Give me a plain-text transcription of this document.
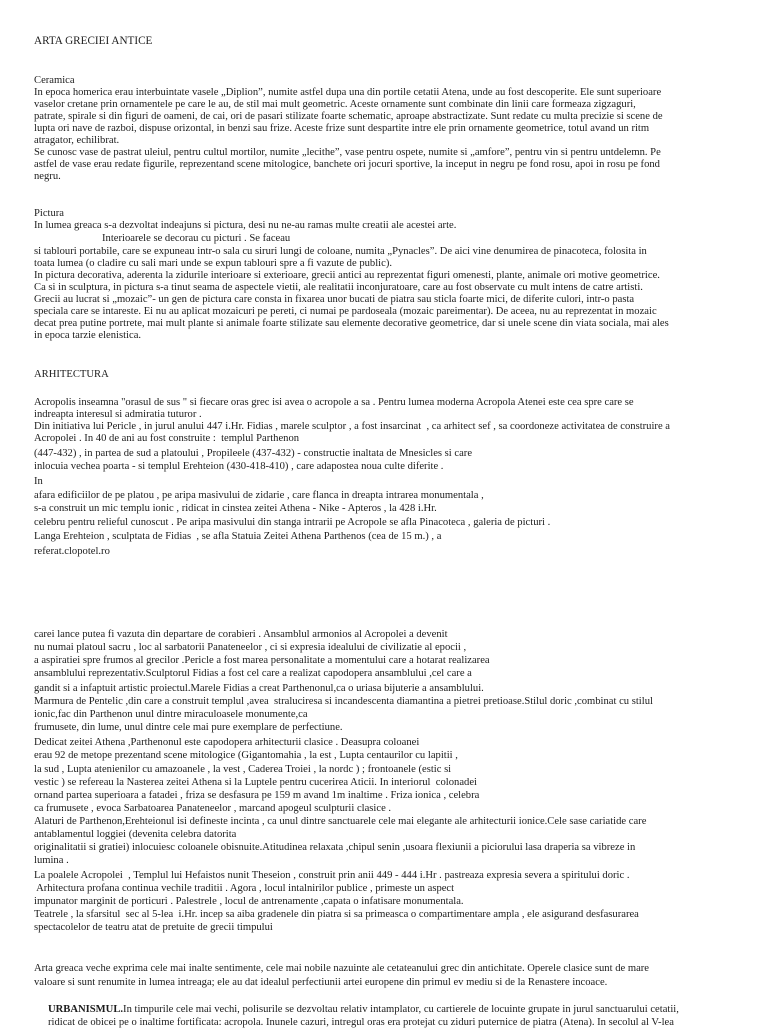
ARTA GRECIEI ANTICE
Ceramica
In epoca homerica erau interbuintate vasele „Diplion”, numite astfel dupa una din portile cetatii Atena, unde au fost descoperite. Ele sunt superioare
vaselor cretane prin ornamentele pe care le au, de stil mai mult geometric. Aceste ornamente sunt combinate din linii care formeaza zigzaguri,
patrate, spirale si din figuri de oameni, de cai, ori de pasari stilizate foarte schematic, aproape abstractizate. Sunt redate cu multa precizie si scene de
lupta ori nave de razboi, dispuse orizontal, in benzi sau frize. Aceste frize sunt despartite intre ele prin ornamente geometrice, totul avand un ritm
atragator, echilibrat.
Se cunosc vase de pastrat uleiul, pentru cultul mortilor, numite „lecithe”, vase pentru ospete, numite si „amfore”, pentru vin si pentru untdelemn. Pe
astfel de vase erau redate figurile, reprezentand scene mitologice, banchete ori jocuri sportive, la inceput in negru pe fond rosu, apoi in rosu pe fond
negru.
Pictura
In lumea greaca s-a dezvoltat indeajuns si pictura, desi nu ne-au ramas multe creatii ale acestei arte.
Interioarele se decorau cu picturi . Se faceau
si tablouri portabile, care se expuneau intr-o sala cu siruri lungi de coloane, numita „Pynacles”. De aici vine denumirea de pinacoteca, folosita in
toata lumea (o cladire cu sali mari unde se expun tablouri spre a fi vazute de public).
In pictura decorativa, aderenta la zidurile interioare si exterioare, grecii antici au reprezentat figuri omenesti, plante, animale ori motive geometrice.
Ca si in sculptura, in pictura s-a tinut seama de aspectele vietii, ale realitatii inconjuratoare, care au fost observate cu mult intens de catre artisti.
Grecii au lucrat si „mozaic”- un gen de pictura care consta in fixarea unor bucati de piatra sau sticla foarte mici, de diferite culori, intr-o pasta
speciala care se intareste. Ei nu au aplicat mozaicuri pe pereti, ci numai pe pardoseala (mozaic pareimentar). De aceea, nu au reprezentat in mozaic
decat prea putine portrete, mai mult plante si animale foarte stilizate sau elemente decorative geometrice, dar si unele scene din viata sociala, mai ales
in epoca tarzie elenistica.
ARHITECTURA
Acropolis inseamna "orasul de sus " si fiecare oras grec isi avea o acropole a sa . Pentru lumea moderna Acropola Atenei este cea spre care se
indreapta interesul si admiratia tuturor .
Din initiativa lui Pericle , in jurul anului 447 i.Hr. Fidias , marele sculptor , a fost insarcinat  , ca arhitect sef , sa coordoneze activitatea de construire a
Acropolei . In 40 de ani au fost construite :  templul Parthenon
(447-432) , in partea de sud a platoului , Propileele (437-432) - constructie inaltata de Mnesicles si care
inlocuia vechea poarta - si templul Erehteion (430-418-410) , care adapostea noua culte diferite .
In
afara edificiilor de pe platou , pe aripa masivului de zidarie , care flanca in dreapta intrarea monumentala ,
s-a construit un mic templu ionic , ridicat in cinstea zeitei Athena - Nike - Apteros , la 428 i.Hr.
celebru pentru relieful cunoscut . Pe aripa masivului din stanga intrarii pe Acropole se afla Pinacoteca , galeria de picturi .
Langa Erehteion , sculptata de Fidias  , se afla Statuia Zeitei Athena Parthenos (cea de 15 m.) , a
referat.clopotel.ro
carei lance putea fi vazuta din departare de corabieri . Ansamblul armonios al Acropolei a devenit
nu numai platoul sacru , loc al sarbatorii Panateneelor , ci si expresia idealului de civilizatie al epocii ,
a aspiratiei spre frumos al grecilor .Pericle a fost marea personalitate a momentului care a hotarat realizarea
ansamblului reprezentativ.Sculptorul Fidias a fost cel care a realizat capodopera ansamblului ,cel care a
gandit si a infaptuit artistic proiectul.Marele Fidias a creat Parthenonul,ca o uriasa bijuterie a ansamblului.
Marmura de Pentelic ,din care a construit templul ,avea  straluciresa si incandescenta diamantina a pietrei pretioase.Stilul doric ,combinat cu stilul
ionic,fac din Parthenon unul dintre miraculoasele monumente,ca
frumusete, din lume, unul dintre cele mai pure exemplare de perfectiune.
Dedicat zeitei Athena ,Parthenonul este capodopera arhitecturii clasice . Deasupra coloanei
erau 92 de metope prezentand scene mitologice (Gigantomahia , la est , Lupta centaurilor cu lapitii ,
la sud , Lupta atenienilor cu amazoanele , la vest , Caderea Troiei , la nordc ) ; frontoanele (estic si
vestic ) se refereau la Nasterea zeitei Athena si la Luptele pentru cucerirea Aticii. In interiorul  colonadei
ornand partea superioara a fatadei , friza se desfasura pe 159 m avand 1m inaltime . Friza ionica , celebra
ca frumusete , evoca Sarbatoarea Panateneelor , marcand apogeul sculpturii clasice .
Alaturi de Parthenon,Erehteionul isi defineste incinta , ca unul dintre sanctuarele cele mai elegante ale arhitecturii ionice.Cele sase cariatide care
antablamentul loggiei (devenita celebra datorita
originalitatii si gratiei) inlocuiesc coloanele obisnuite.Atitudinea relaxata ,chipul senin ,usoara flexiunii a piciorului lasa draperia sa vibreze in
lumina .
La poalele Acropolei  , Templul lui Hefaistos nunit Theseion , construit prin anii 449 - 444 i.Hr . pastreaza expresia severa a spiritului doric .
Arhitectura profana continua vechile traditii . Agora , locul intalnirilor publice , primeste un aspect
impunator marginit de porticuri . Palestrele , locul de antrenamente ,capata o infatisare monumentala.
Teatrele , la sfarsitul  sec al 5-lea  i.Hr. incep sa aiba gradenele din piatra si sa primeasca o compartimentare ampla , ele asigurand desfasurarea
spectacolelor de teatru atat de pretuite de grecii timpului
Arta greaca veche exprima cele mai inalte sentimente, cele mai nobile nazuinte ale cetateanului grec din antichitate. Operele clasice sunt de mare
valoare si sunt renumite in lumea intreaga; ele au dat idealul perfectiunii artei europene din primul ev mediu si de la Renastere incoace.
URBANISMUL.In timpurile cele mai vechi, polisurile se dezvoltau relativ intamplator, cu cartierele de locuinte grupate in jurul sanctuarului cetatii,
ridicat de obicei pe o inaltime fortificata: acropola. Inunele cazuri, intregul oras era protejat cu ziduri puternice de piatra (Atena). In secolul al V-lea
